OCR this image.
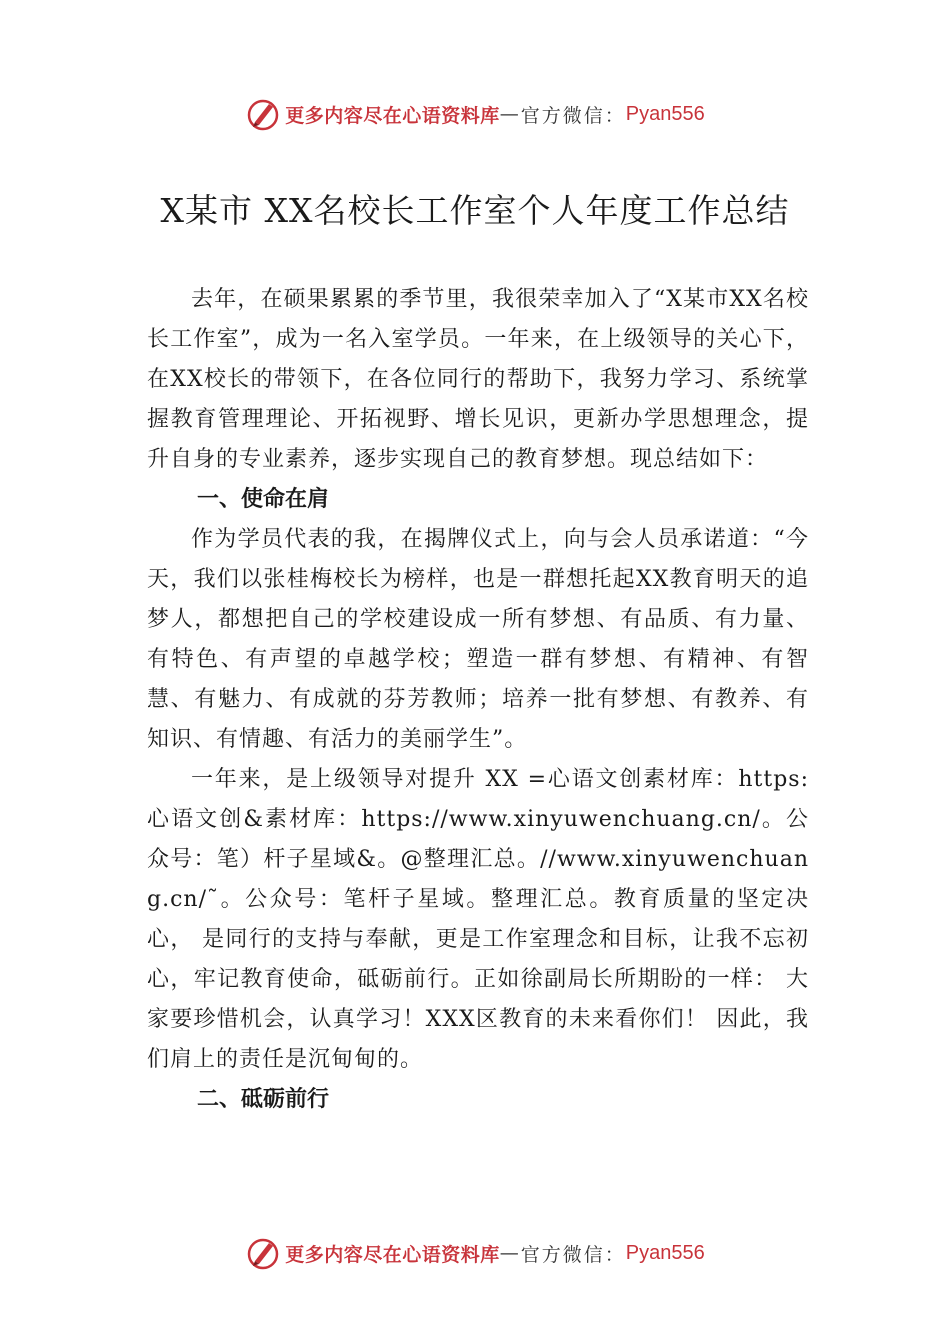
更多内容尽在心语资料库 — 官方微信： Pyan556
X某市 XX名校长工作室个人年度工作总结

去年，在硕果累累的季节里，我很荣幸加入了“X某市XX名校长工作室”，成为一名入室学员。一年来，在上级领导的关心下，在XX校长的带领下，在各位同行的帮助下，我努力学习、系统掌握教育管理理论、开拓视野、增长见识，更新办学思想理念，提升自身的专业素养，逐步实现自己的教育梦想。现总结如下：

一、使命在肩

作为学员代表的我，在揭牌仪式上，向与会人员承诺道：“今天，我们以张桂梅校长为榜样，也是一群想托起XX教育明天的追梦人，都想把自己的学校建设成一所有梦想、有品质、有力量、有特色、有声望的卓越学校；塑造一群有梦想、有精神、有智慧、有魅力、有成就的芬芳教师；培养一批有梦想、有教养、有知识、有情趣、有活力的美丽学生”。

一年来，是上级领导对提升 XX =心语文创素材库：https:心语文创&素材库：https://www.xinyuwenchuang.cn/。公众号：笔）杆子星域&。@整理汇总。//www.xinyuwenchuang.cn/˜。公众号：笔杆子星域。整理汇总。教育质量的坚定决心， 是同行的支持与奉献，更是工作室理念和目标，让我不忘初心，牢记教育使命，砥砺前行。正如徐副局长所期盼的一样： 大家要珍惜机会，认真学习！XXX区教育的未来看你们！ 因此，我们肩上的责任是沉甸甸的。

二、砥砺前行
更多内容尽在心语资料库 — 官方微信： Pyan556
